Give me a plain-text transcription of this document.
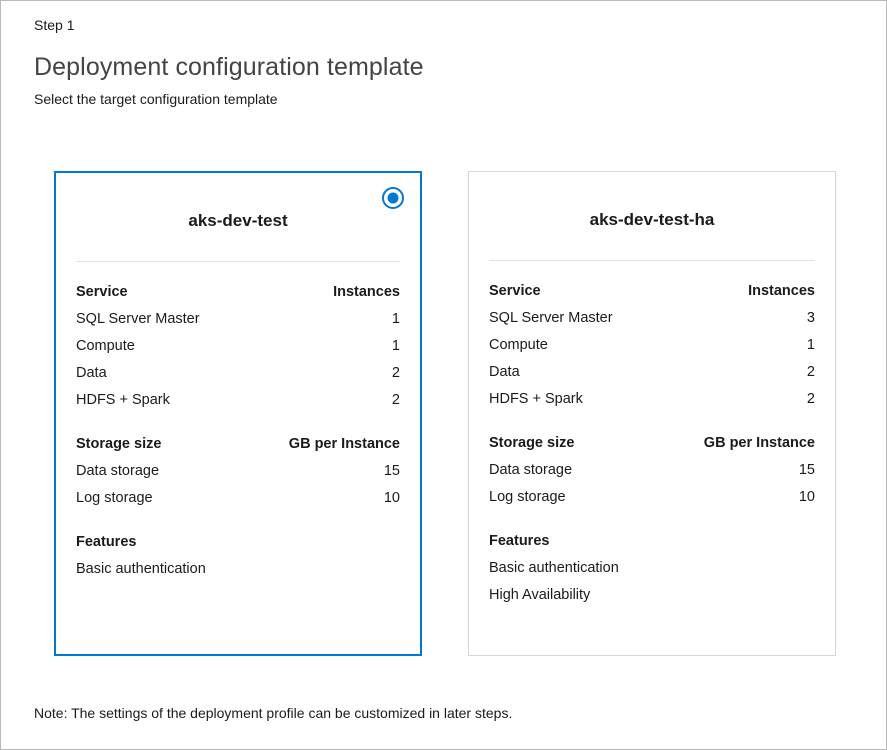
Step 1
Deployment configuration template
Select the target configuration template
aks-dev-test
Service	Instances
SQL Server Master	1
Compute	1
Data	2
HDFS + Spark	2
Storage size	GB per Instance
Data storage	15
Log storage	10
Features	
Basic authentication	
aks-dev-test-ha
Service	Instances
SQL Server Master	3
Compute	1
Data	2
HDFS + Spark	2
Storage size	GB per Instance
Data storage	15
Log storage	10
Features	
Basic authentication	
High Availability	
Note: The settings of the deployment profile can be customized in later steps.
